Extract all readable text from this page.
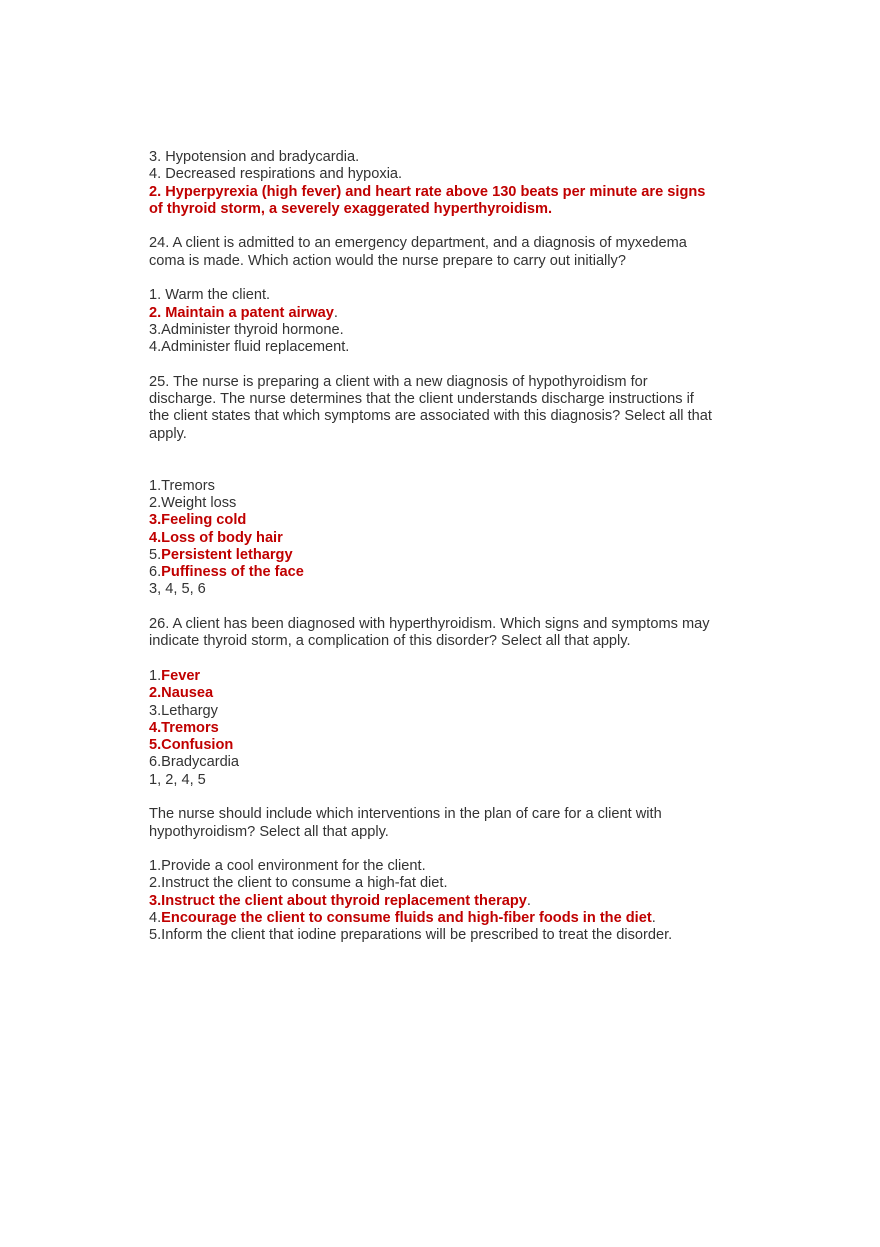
3. Hypotension and bradycardia.
4. Decreased respirations and hypoxia.
2. Hyperpyrexia (high fever) and heart rate above 130 beats per minute are signs
of thyroid storm, a severely exaggerated hyperthyroidism.
24. A client is admitted to an emergency department, and a diagnosis of myxedema
coma is made. Which action would the nurse prepare to carry out initially?
1. Warm the client.
2. Maintain a patent airway.
3.Administer thyroid hormone.
4.Administer fluid replacement.
25. The nurse is preparing a client with a new diagnosis of hypothyroidism for
discharge. The nurse determines that the client understands discharge instructions if
the client states that which symptoms are associated with this diagnosis? Select all that
apply.
1.Tremors
2.Weight loss
3.Feeling cold
4.Loss of body hair
5.Persistent lethargy
6.Puffiness of the face
3, 4, 5, 6
26. A client has been diagnosed with hyperthyroidism. Which signs and symptoms may
indicate thyroid storm, a complication of this disorder? Select all that apply.
1.Fever
2.Nausea
3.Lethargy
4.Tremors
5.Confusion
6.Bradycardia
1, 2, 4, 5
The nurse should include which interventions in the plan of care for a client with
hypothyroidism? Select all that apply.
1.Provide a cool environment for the client.
2.Instruct the client to consume a high-fat diet.
3.Instruct the client about thyroid replacement therapy.
4.Encourage the client to consume fluids and high-fiber foods in the diet.
5.Inform the client that iodine preparations will be prescribed to treat the disorder.
